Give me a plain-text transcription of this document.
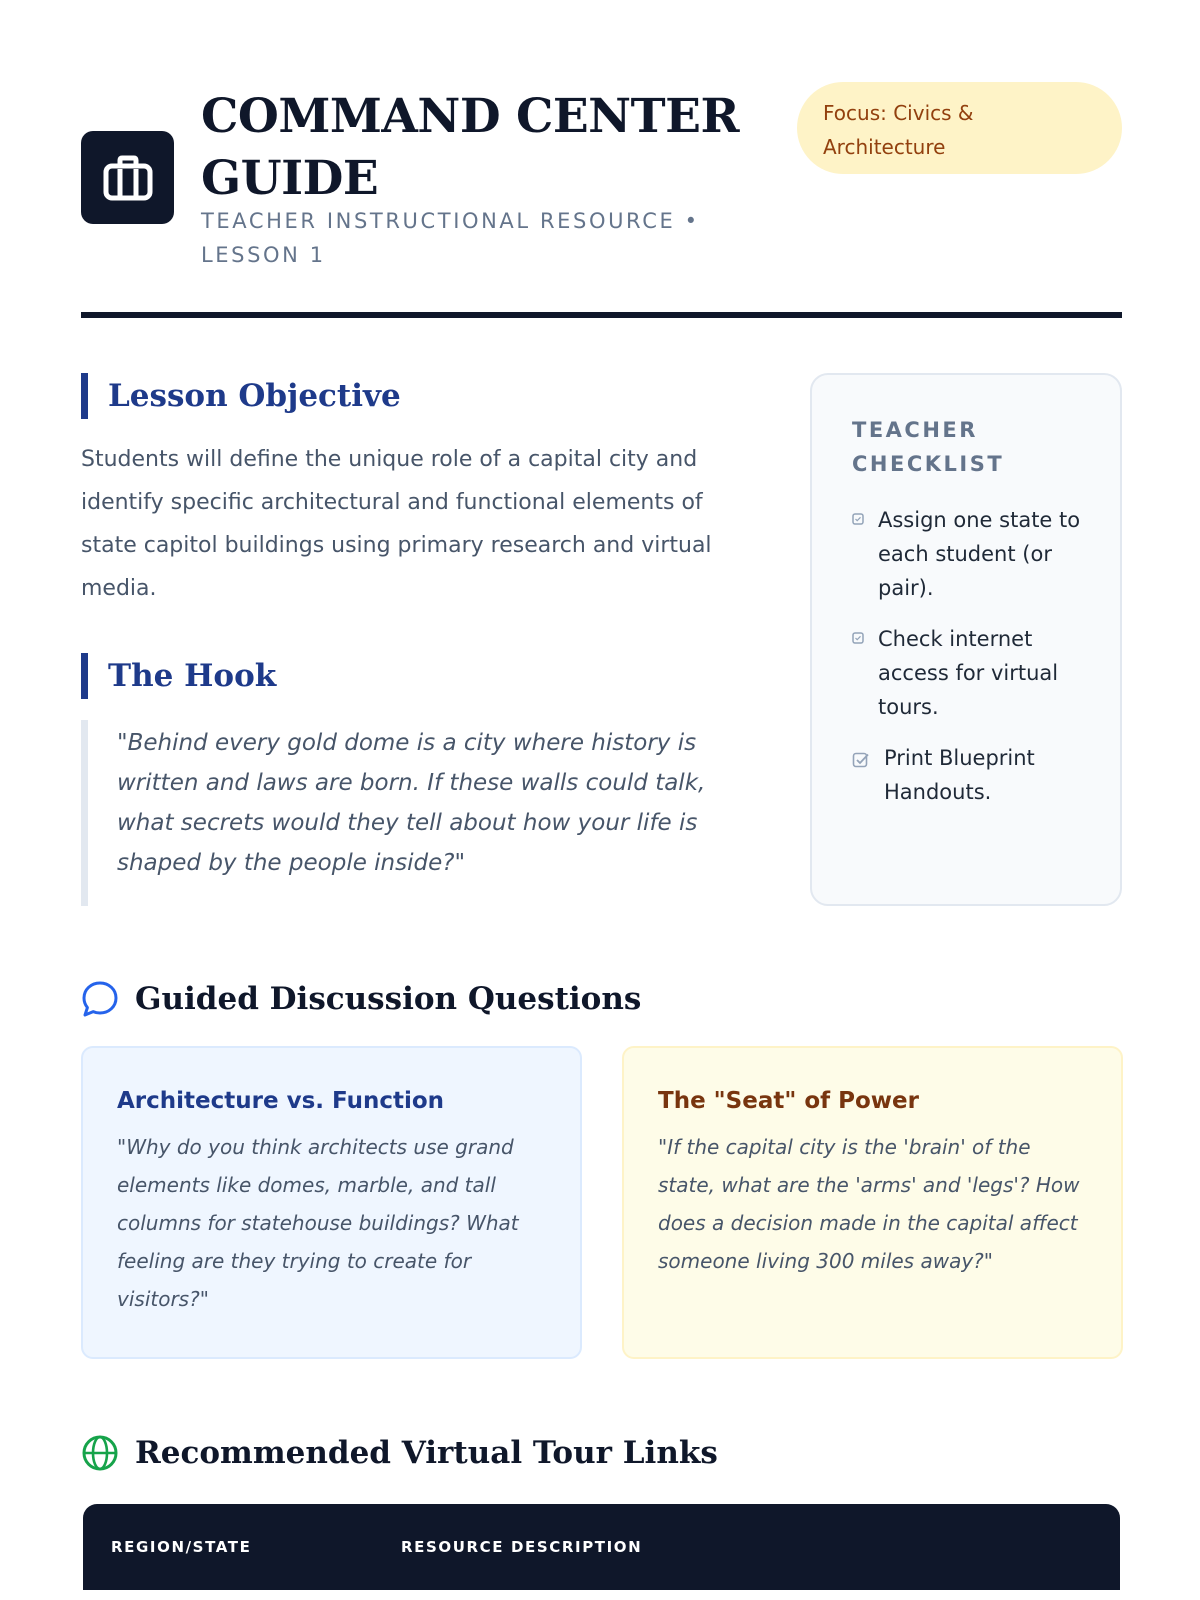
COMMAND CENTER GUIDE
TEACHER INSTRUCTIONAL RESOURCE • LESSON 1
Focus: Civics & Architecture
Lesson Objective
Students will define the unique role of a capital city and identify specific architectural and functional elements of state capitol buildings using primary research and virtual media.
The Hook
"Behind every gold dome is a city where history is written and laws are born. If these walls could talk, what secrets would they tell about how your life is shaped by the people inside?"
TEACHER CHECKLIST
Assign one state to each student (or pair).
Check internet access for virtual tours.
Print Blueprint Handouts.
Guided Discussion Questions
Architecture vs. Function
"Why do you think architects use grand elements like domes, marble, and tall columns for statehouse buildings? What feeling are they trying to create for visitors?"
The "Seat" of Power
"If the capital city is the 'brain' of the state, what are the 'arms' and 'legs'? How does a decision made in the capital affect someone living 300 miles away?"
Recommended Virtual Tour Links
REGION/STATE	RESOURCE DESCRIPTION
